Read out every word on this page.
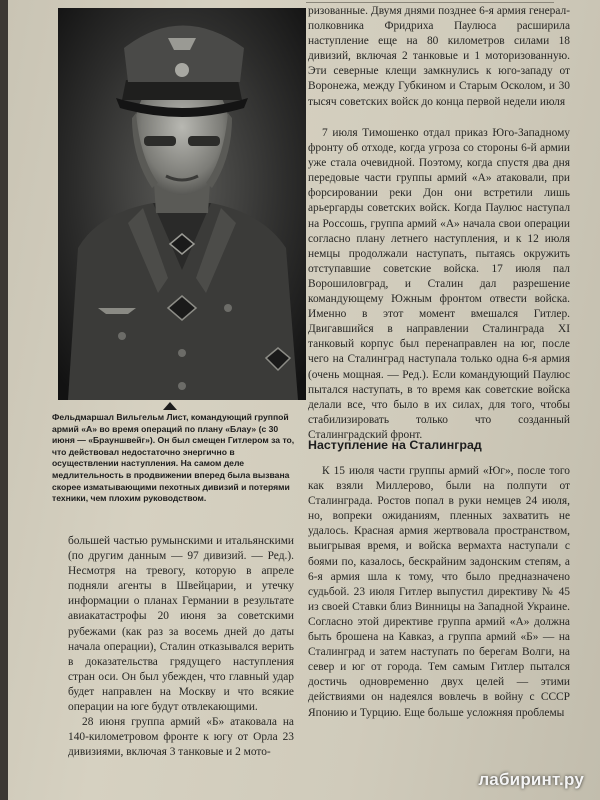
Фельдмаршал Вильгельм Лист, командующий группой армий «А» во время операций по плану «Блау» (с 30 июня — «Брауншвейг»). Он был смещен Гитлером за то, что действовал недостаточно энергично в осуществлении наступления. На самом деле медлительность в продвижении вперед была вызвана скорее изматывающими пехотных дивизий и потерями техники, чем плохим руководством.

ризованные. Двумя днями позднее 6-я армия генерал-полковника Фридриха Паулюса расширила наступление еще на 80 километров силами 18 дивизий, включая 2 танковые и 1 моторизованную. Эти северные клещи замкнулись к юго-западу от Воронежа, между Губкином и Старым Осколом, и 30 тысяч советских войск до конца первой недели июля

7 июля Тимошенко отдал приказ Юго-Западному фронту об отходе, когда угроза со стороны 6-й армии уже стала очевидной. Поэтому, когда спустя два дня передовые части группы армий «А» атаковали, при форсировании реки Дон они встретили лишь арьергарды советских войск. Когда Паулюс наступал на Россошь, группа армий «А» начала свои операции согласно плану летнего наступления, и к 12 июля немцы продолжали наступать, пытаясь окружить отступавшие советские войска. 17 июля пал Ворошиловград, и Сталин дал разрешение командующему Южным фронтом отвести войска. Именно в этот момент вмешался Гитлер. Двигавшийся в направлении Сталинграда XI танковый корпус был перенаправлен на юг, после чего на Сталинград наступала только одна 6-я армия (очень мощная. — Ред.). Если командующий Паулюс пытался наступать, в то время как советские войска делали все, что было в их силах, для того, чтобы стабилизировать только что созданный Сталинградский фронт.

Наступление на Сталинград

К 15 июля части группы армий «Юг», после того как взяли Миллерово, были на полпути от Сталинграда. Ростов попал в руки немцев 24 июля, но, вопреки ожиданиям, пленных захватить не удалось. Красная армия жертвовала пространством, выигрывая время, и войска вермахта наступали с боями по, казалось, бескрайним задонским степям, а 6-я армия шла к тому, что было предназначено судьбой. 23 июля Гитлер выпустил директиву № 45 из своей Ставки близ Винницы на Западной Украине. Согласно этой директиве группа армий «А» должна быть брошена на Кавказ, а группа армий «Б» — на Сталинград и затем наступать по берегам Волги, на север и юг от города. Тем самым Гитлер пытался достичь одновременно двух целей — этими действиями он надеялся вовлечь в войну с СССР Японию и Турцию. Еще больше усложняя проблемы

большей частью румынскими и итальянскими (по другим данным — 97 дивизий. — Ред.). Несмотря на тревогу, которую в апреле подняли агенты в Швейцарии, и утечку информации о планах Германии в результате авиакатастрофы 20 июня за советскими рубежами (как раз за восемь дней до даты начала операции), Сталин отказывался верить в доказательства грядущего наступления стран оси. Он был убежден, что главный удар будет направлен на Москву и что всякие операции на юге будут отвлекающими.

28 июня группа армий «Б» атаковала на 140-километровом фронте к югу от Орла 23 дивизиями, включая 3 танковые и 2 мото-

лабиринт.ру
